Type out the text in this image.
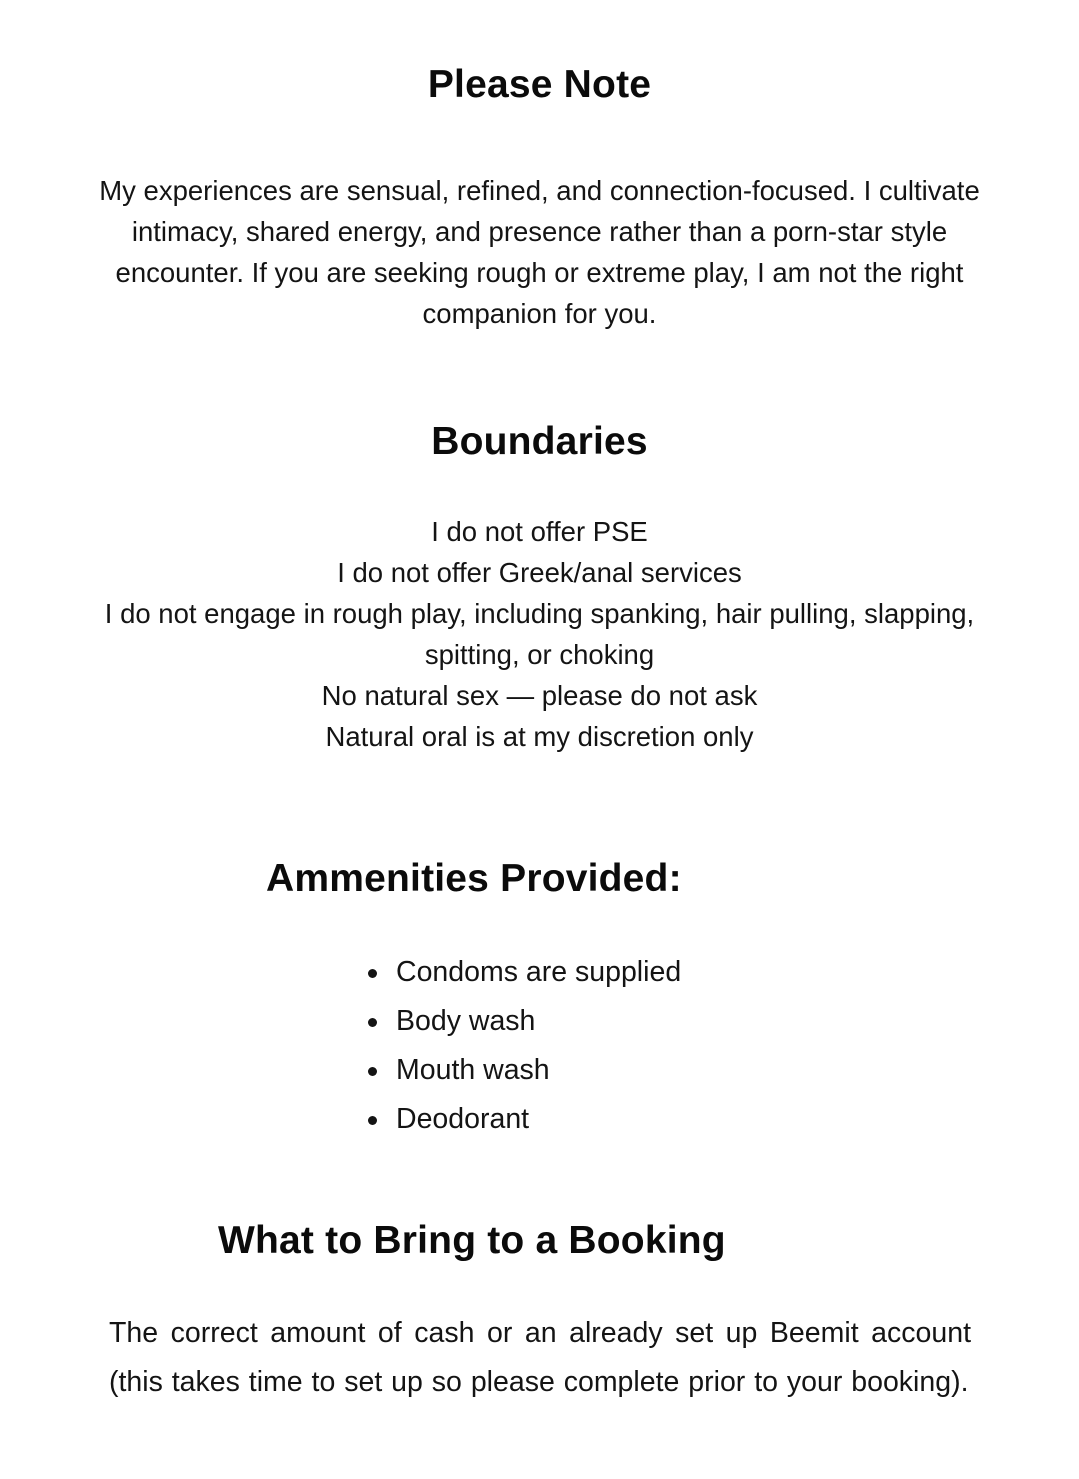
Please Note

My experiences are sensual, refined, and connection-focused. I cultivate intimacy, shared energy, and presence rather than a porn-star style encounter. If you are seeking rough or extreme play, I am not the right companion for you.

Boundaries
I do not offer PSE
I do not offer Greek/anal services
I do not engage in rough play, including spanking, hair pulling, slapping, spitting, or choking
No natural sex — please do not ask
Natural oral is at my discretion only
Ammenities Provided:
Condoms are supplied
Body wash
Mouth wash
Deodorant
What to Bring to a Booking

The correct amount of cash or an already set up Beemit account (this takes time to set up so please complete prior to your booking).
